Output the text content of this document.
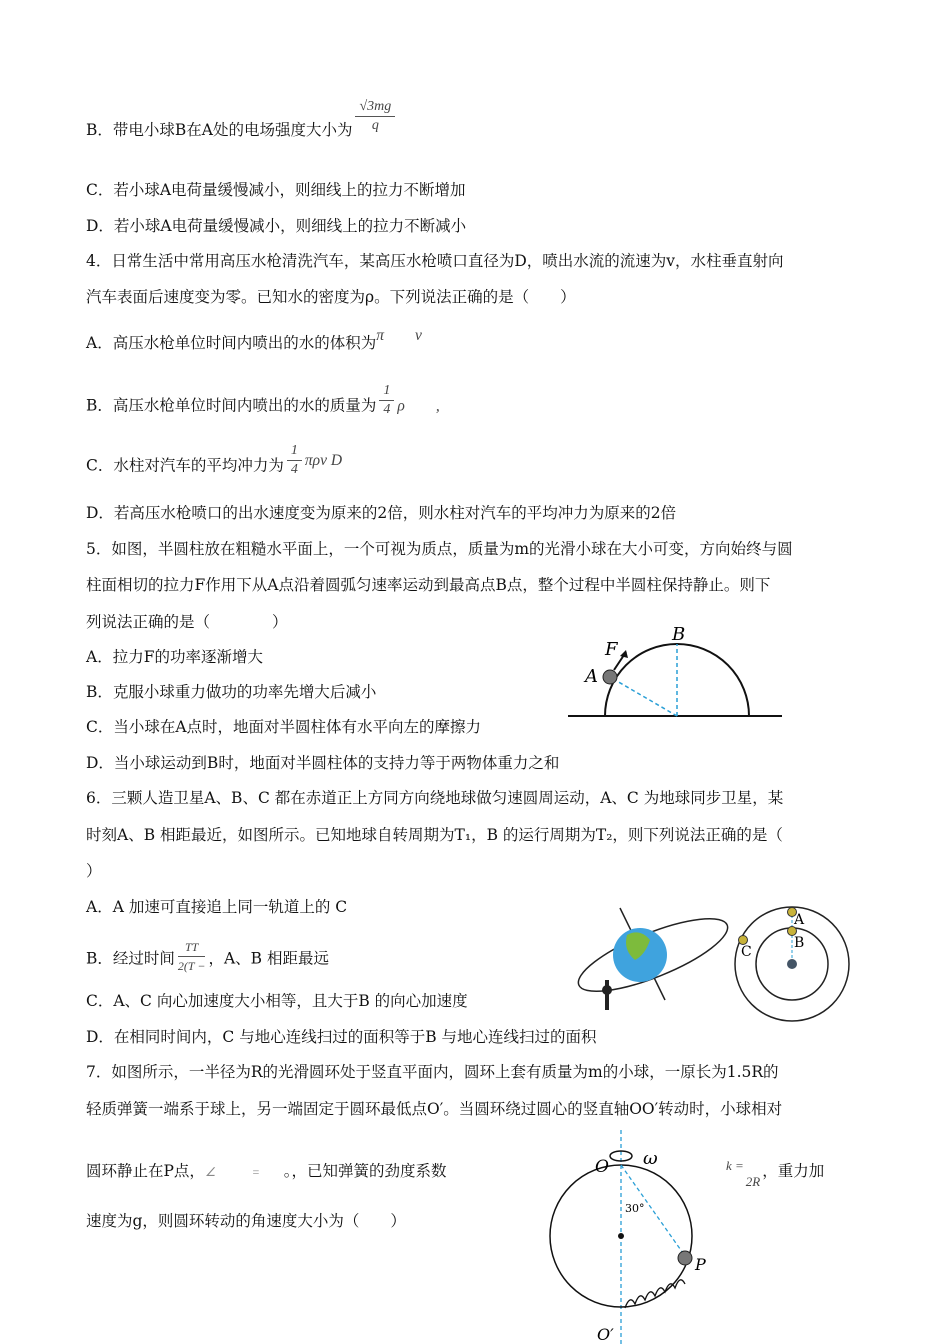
B．带电小球B在A处的电场强度大小为 $\frac{√3mg}{q}$
C．若小球A电荷量缓慢减小，则细线上的拉力不断增加
D．若小球A电荷量缓慢减小，则细线上的拉力不断减小
4．日常生活中常用高压水枪清洗汽车，某高压水枪喷口直径为D，喷出水流的流速为v，水柱垂直射向
汽车表面后速度变为零。已知水的密度为ρ。下列说法正确的是（　　）
A．高压水枪单位时间内喷出的水的体积为π　　v
B．高压水枪单位时间内喷出的水的质量为 $\frac{1}{4}$ ρ　　,
C．水柱对汽车的平均冲力为 $\frac{1}{4}$ πρv D
D．若高压水枪喷口的出水速度变为原来的2倍，则水柱对汽车的平均冲力为原来的2倍
5．如图，半圆柱放在粗糙水平面上，一个可视为质点，质量为m的光滑小球在大小可变，方向始终与圆
柱面相切的拉力F作用下从A点沿着圆弧匀速率运动到最高点B点，整个过程中半圆柱保持静止。则下
列说法正确的是（　　　　）
A．拉力F的功率逐渐增大
B．克服小球重力做功的功率先增大后减小
C．当小球在A点时，地面对半圆柱体有水平向左的摩擦力
D．当小球运动到B时，地面对半圆柱体的支持力等于两物体重力之和
6．三颗人造卫星A、B、C 都在赤道正上方同方向绕地球做匀速圆周运动，A、C 为地球同步卫星，某
时刻A、B 相距最近，如图所示。已知地球自转周期为T₁，B 的运行周期为T₂，则下列说法正确的是（
）
A．A 加速可直接追上同一轨道上的 C
B．经过时间 $\frac{TT}{2(T -}$ ，A、B 相距最远
C．A、C 向心加速度大小相等，且大于B 的向心加速度
D．在相同时间内，C 与地心连线扫过的面积等于B 与地心连线扫过的面积
7．如图所示，一半径为R的光滑圆环处于竖直平面内，圆环上套有质量为m的小球，一原长为1.5R的
轻质弹簧一端系于球上，另一端固定于圆环最低点O′。当圆环绕过圆心的竖直轴OO′转动时，小球相对
圆环静止在P点，∠　　　=　　。，已知弹簧的劲度系数	$^{k =}_{2R}$，重力加
速度为g，则圆环转动的角速度大小为（　　）
F
A
B
A
B
C
O ω
30°
P
O′
